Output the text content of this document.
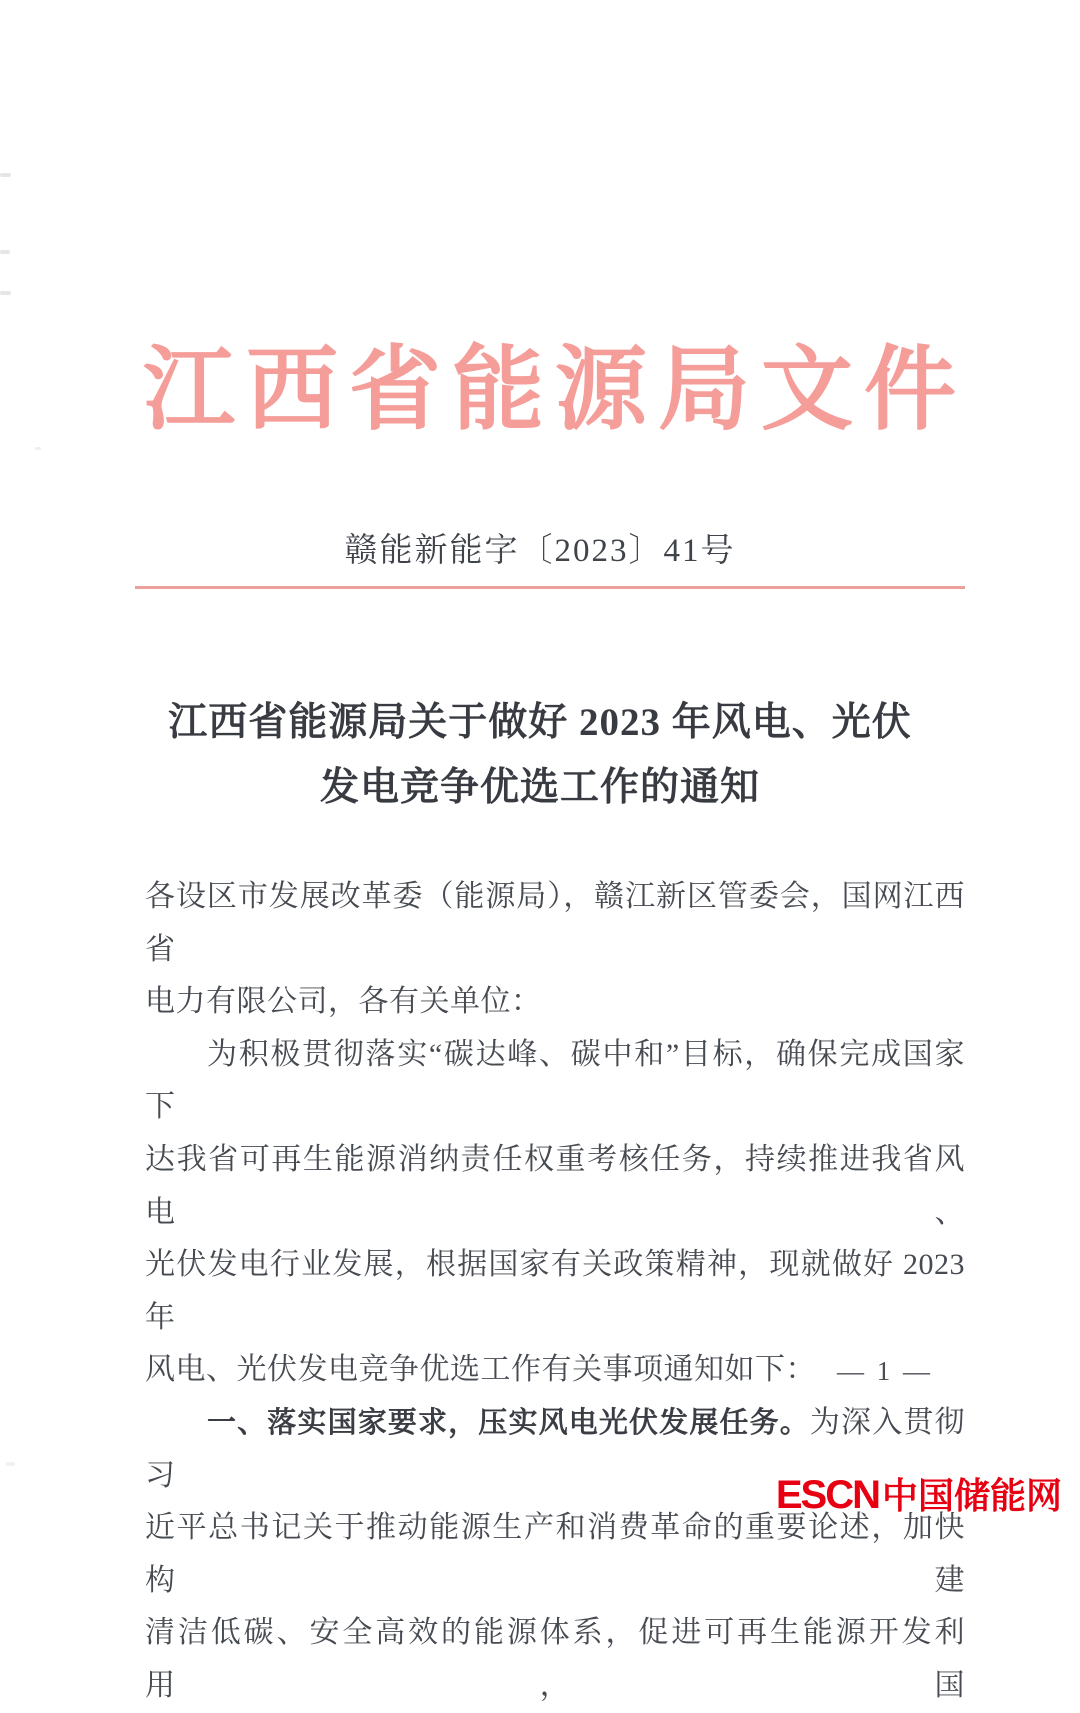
江西省能源局文件
赣能新能字〔2023〕41号
江西省能源局关于做好 2023 年风电、光伏
发电竞争优选工作的通知
各设区市发展改革委（能源局），赣江新区管委会，国网江西省
电力有限公司，各有关单位：
为积极贯彻落实“碳达峰、碳中和”目标，确保完成国家下
达我省可再生能源消纳责任权重考核任务，持续推进我省风电、
光伏发电行业发展，根据国家有关政策精神，现就做好 2023 年
风电、光伏发电竞争优选工作有关事项通知如下：
一、落实国家要求，压实风电光伏发展任务。为深入贯彻习
近平总书记关于推动能源生产和消费革命的重要论述，加快构建
清洁低碳、安全高效的能源体系，促进可再生能源开发利用，国
— 1 —
ESCN中国储能网
